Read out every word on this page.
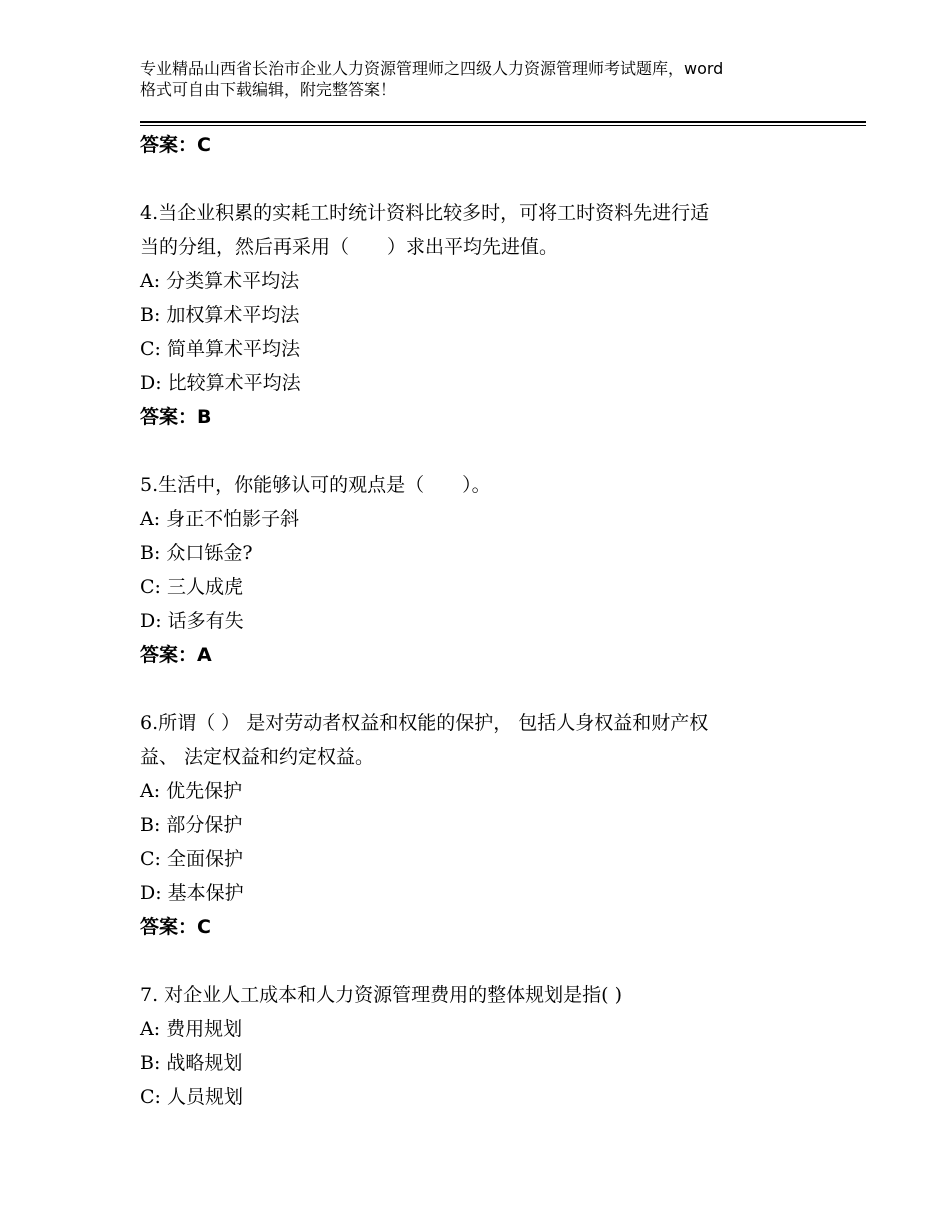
专业精品山西省长治市企业人力资源管理师之四级人力资源管理师考试题库，word
格式可自由下载编辑，附完整答案！
答案：C
4.当企业积累的实耗工时统计资料比较多时，可将工时资料先进行适
当的分组，然后再采用（　　）求出平均先进值。
A: 分类算术平均法
B: 加权算术平均法
C: 简单算术平均法
D: 比较算术平均法
答案：B
5.生活中，你能够认可的观点是（　　）。
A: 身正不怕影子斜
B: 众口铄金?
C: 三人成虎
D: 话多有失
答案：A
6.所谓（ ） 是对劳动者权益和权能的保护， 包括人身权益和财产权
益、 法定权益和约定权益。
A: 优先保护
B: 部分保护
C: 全面保护
D: 基本保护
答案：C
7. 对企业人工成本和人力资源管理费用的整体规划是指( )
A: 费用规划
B: 战略规划
C: 人员规划
